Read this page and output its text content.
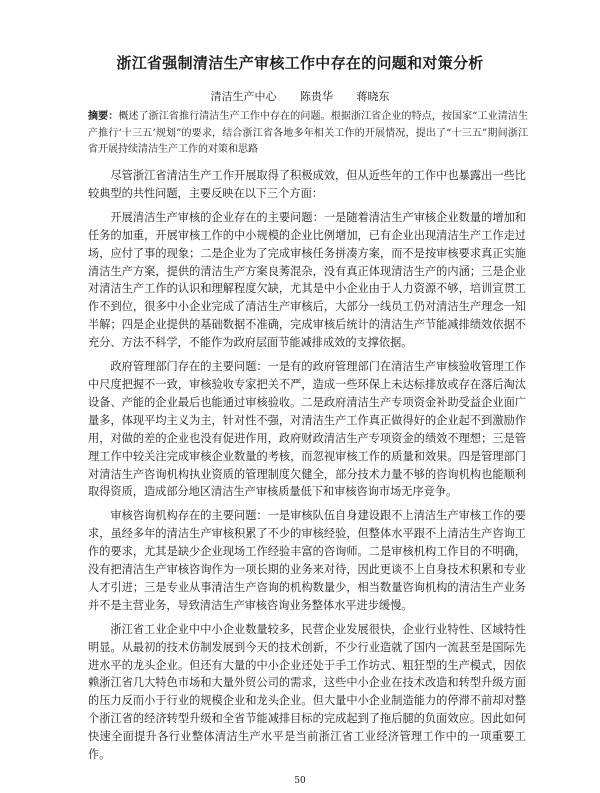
浙江省强制清洁生产审核工作中存在的问题和对策分析
清洁生产中心 陈贵华 蒋晓东
摘要：概述了浙江省推行清洁生产工作中存在的问题。根据浙江省企业的特点，按国家“工业清洁生产推行‘十三五’规划”的要求，结合浙江省各地多年相关工作的开展情况，提出了“十三五”期间浙江省开展持续清洁生产工作的对策和思路

尽管浙江省清洁生产工作开展取得了积极成效，但从近些年的工作中也暴露出一些比较典型的共性问题，主要反映在以下三个方面：

开展清洁生产审核的企业存在的主要问题：一是随着清洁生产审核企业数量的增加和任务的加重，开展审核工作的中小规模的企业比例增加，已有企业出现清洁生产工作走过场，应付了事的现象；二是企业为了完成审核任务拼凑方案，而不是按审核要求真正实施清洁生产方案，提供的清洁生产方案良莠混杂，没有真正体现清洁生产的内涵；三是企业对清洁生产工作的认识和理解程度欠缺，尤其是中小企业由于人力资源不够，培训宣贯工作不到位，很多中小企业完成了清洁生产审核后，大部分一线员工仍对清洁生产理念一知半解；四是企业提供的基础数据不准确，完成审核后统计的清洁生产节能减排绩效依据不充分、方法不科学，不能作为政府层面节能减排成效的支撑依据。

政府管理部门存在的主要问题：一是有的政府管理部门在清洁生产审核验收管理工作中尺度把握不一致，审核验收专家把关不严，造成一些环保上未达标排放或存在落后淘汰设备、产能的企业最后也能通过审核验收。二是政府清洁生产专项资金补助受益企业面广量多，体现平均主义为主，针对性不强，对清洁生产工作真正做得好的企业起不到激励作用，对做的差的企业也没有促进作用，政府财政清洁生产专项资金的绩效不理想；三是管理工作中较关注完成审核企业数量的考核，而忽视审核工作的质量和效果。四是管理部门对清洁生产咨询机构执业资质的管理制度欠健全，部分技术力量不够的咨询机构也能顺利取得资质，造成部分地区清洁生产审核质量低下和审核咨询市场无序竞争。

审核咨询机构存在的主要问题：一是审核队伍自身建设跟不上清洁生产审核工作的要求，虽经多年的清洁生产审核积累了不少的审核经验，但整体水平跟不上清洁生产咨询工作的要求，尤其是缺少企业现场工作经验丰富的咨询师。二是审核机构工作目的不明确，没有把清洁生产审核咨询作为一项长期的业务来对待，因此更谈不上自身技术积累和专业人才引进；三是专业从事清洁生产咨询的机构数量少，相当数量咨询机构的清洁生产业务并不是主营业务，导致清洁生产审核咨询业务整体水平进步缓慢。

浙江省工业企业中中小企业数量较多，民营企业发展很快，企业行业特性、区域特性明显。从最初的技术仿制发展到今天的技术创新，不少行业造就了国内一流甚至是国际先进水平的龙头企业。但还有大量的中小企业还处于手工作坊式、粗狂型的生产模式，因依赖浙江省几大特色市场和大量外贸公司的需求，这些中小企业在技术改造和转型升级方面的压力反而小于行业的规模企业和龙头企业。但大量中小企业制造能力的停滞不前却对整个浙江省的经济转型升级和全省节能减排目标的完成起到了拖后腿的负面效应。因此如何快速全面提升各行业整体清洁生产水平是当前浙江省工业经济管理工作中的一项重要工作。

50
